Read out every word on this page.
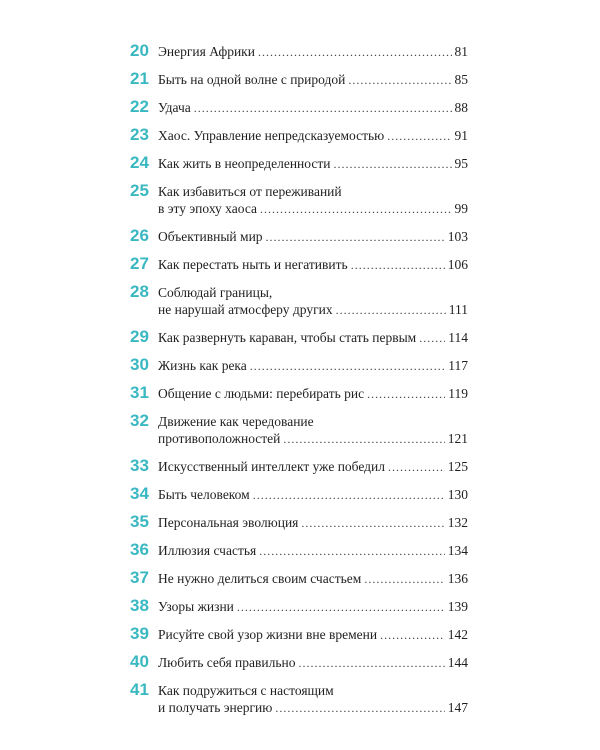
20 Энергия Африки . . .	81
21 Быть на одной волне с природой . . .	85
22 Удача . . .	88
23 Хаос. Управление непредсказуемостью . . .	91
24 Как жить в неопределенности . . .	95
25 Как избавиться от переживаний
в эту эпоху хаоса . . .	99
26 Объективный мир . . .	103
27 Как перестать ныть и негативить . . .	106
28 Соблюдай границы,
не нарушай атмосферу других . . .	111
29 Как развернуть караван, чтобы стать первым . . . 114
30 Жизнь как река . . .	117
31 Общение с людьми: перебирать рис . . .	119
32 Движение как чередование
противоположностей . . .	121
33 Искусственный интеллект уже победил . . .	125
34 Быть человеком . . .	130
35 Персональная эволюция . . .	132
36 Иллюзия счастья . . .	134
37 Не нужно делиться своим счастьем . . .	136
38 Узоры жизни . . .	139
39 Рисуйте свой узор жизни вне времени . . .	142
40 Любить себя правильно . . .	144
41 Как подружиться с настоящим
и получать энергию . . .	147
